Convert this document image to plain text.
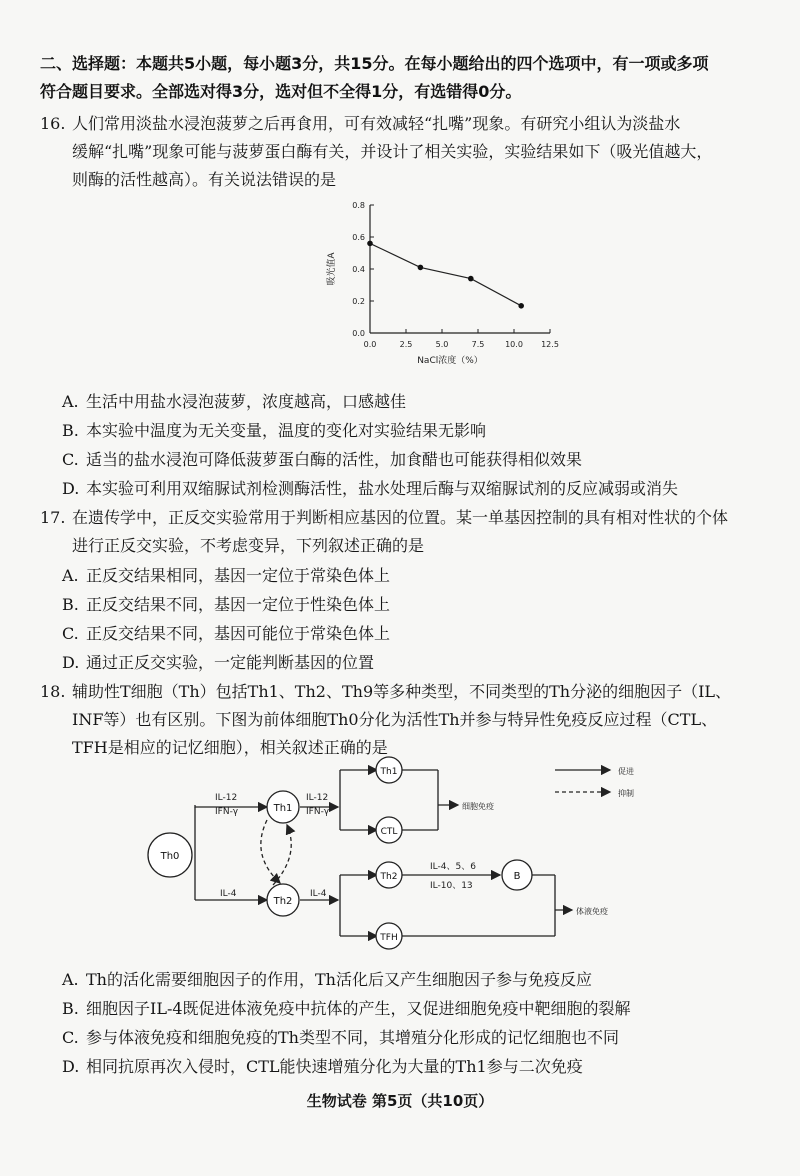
二、选择题：本题共5小题，每小题3分，共15分。在每小题给出的四个选项中，有一项或多项
符合题目要求。全部选对得3分，选对但不全得1分，有选错得0分。
16. 人们常用淡盐水浸泡菠萝之后再食用，可有效减轻“扎嘴”现象。有研究小组认为淡盐水
缓解“扎嘴”现象可能与菠萝蛋白酶有关，并设计了相关实验，实验结果如下（吸光值越大，
则酶的活性越高）。有关说法错误的是
0.0
0.2
0.4
0.6
0.8
0.0	2.5	5.0	7.5	10.0 12.5
NaCl浓度（%）
吸光值A
A. 生活中用盐水浸泡菠萝，浓度越高，口感越佳
B. 本实验中温度为无关变量，温度的变化对实验结果无影响
C. 适当的盐水浸泡可降低菠萝蛋白酶的活性，加食醋也可能获得相似效果
D. 本实验可利用双缩脲试剂检测酶活性，盐水处理后酶与双缩脲试剂的反应减弱或消失
17. 在遗传学中，正反交实验常用于判断相应基因的位置。某一单基因控制的具有相对性状的个体
进行正反交实验，不考虑变异，下列叙述正确的是
A. 正反交结果相同，基因一定位于常染色体上
B. 正反交结果不同，基因一定位于性染色体上
C. 正反交结果不同，基因可能位于常染色体上
D. 通过正反交实验，一定能判断基因的位置
18. 辅助性T细胞（Th）包括Th1、Th2、Th9等多种类型，不同类型的Th分泌的细胞因子（IL、
INF等）也有区别。下图为前体细胞Th0分化为活性Th并参与特异性免疫反应过程（CTL、
TFH是相应的记忆细胞），相关叙述正确的是
Th0
Th1
Th2
Th1
CTL
Th2
TFH
B
IL-12
IFN-γ
IL-12
IFN-γ
IL-4	IL-4
IL-4、5、6
IL-10、13
细胞免疫
体液免疫
促进
抑制
A. Th的活化需要细胞因子的作用，Th活化后又产生细胞因子参与免疫反应
B. 细胞因子IL-4既促进体液免疫中抗体的产生，又促进细胞免疫中靶细胞的裂解
C. 参与体液免疫和细胞免疫的Th类型不同，其增殖分化形成的记忆细胞也不同
D. 相同抗原再次入侵时，CTL能快速增殖分化为大量的Th1参与二次免疫
生物试卷 第5页（共10页）
